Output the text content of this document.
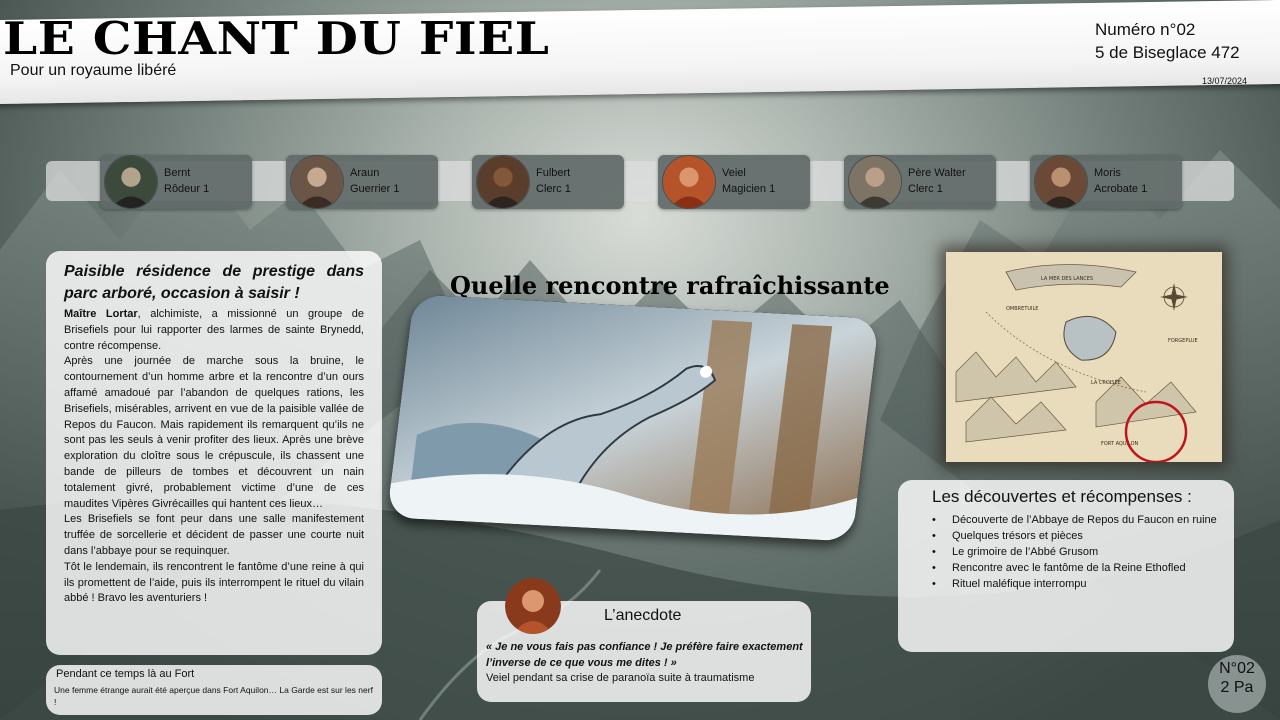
LE CHANT DU FIEL
Pour un royaume libéré
Numéro n°02
5 de Biseglace 472
13/07/2024
Bernt
Rôdeur 1
Araun
Guerrier 1
Fulbert
Clerc 1
Veiel
Magicien 1
Père Walter
Clerc 1
Moris
Acrobate 1
Paisible résidence de prestige dans parc arboré, occasion à saisir !

Maître Lortar, alchimiste, a missionné un groupe de Brisefiels pour lui rapporter des larmes de sainte Brynedd, contre récompense.

Après une journée de marche sous la bruine, le contournement d’un homme arbre et la rencontre d’un ours affamé amadoué par l’abandon de quelques rations, les Brisefiels, misérables, arrivent en vue de la paisible vallée de Repos du Faucon. Mais rapidement ils remarquent qu’ils ne sont pas les seuls à venir profiter des lieux. Après une brève exploration du cloître sous le crépuscule, ils chassent une bande de pilleurs de tombes et découvrent un nain totalement givré, probablement victime d’une de ces maudites Vipères Givrécailles qui hantent ces lieux…

Les Brisefiels se font peur dans une salle manifestement truffée de sorcellerie et décident de passer une courte nuit dans l’abbaye pour se requinquer.

Tôt le lendemain, ils rencontrent le fantôme d’une reine à qui ils promettent de l’aide, puis ils interrompent le rituel du vilain abbé ! Bravo les aventuriers !

Pendant ce temps là au Fort
Une femme étrange aurait été aperçue dans Fort Aquilon… La Garde est sur les nerf !
Quelle rencontre rafraîchissante	LA MER DES LANCES
OMBRETUILE
FORGEPLUE
LA CROISÉE
FORT AQUILON
Les découvertes et récompenses :
• Découverte de l’Abbaye de Repos du Faucon en ruine
• Quelques trésors et pièces
• Le grimoire de l’Abbé Grusom
• Rencontre avec le fantôme de la Reine Ethofled
• Rituel maléfique interrompu
L’anecdote
« Je ne vous fais pas confiance ! Je préfère faire exactement l’inverse de ce que vous me dites ! »
Veiel pendant sa crise de paranoïa suite à traumatisme
N°02
2 Pa
